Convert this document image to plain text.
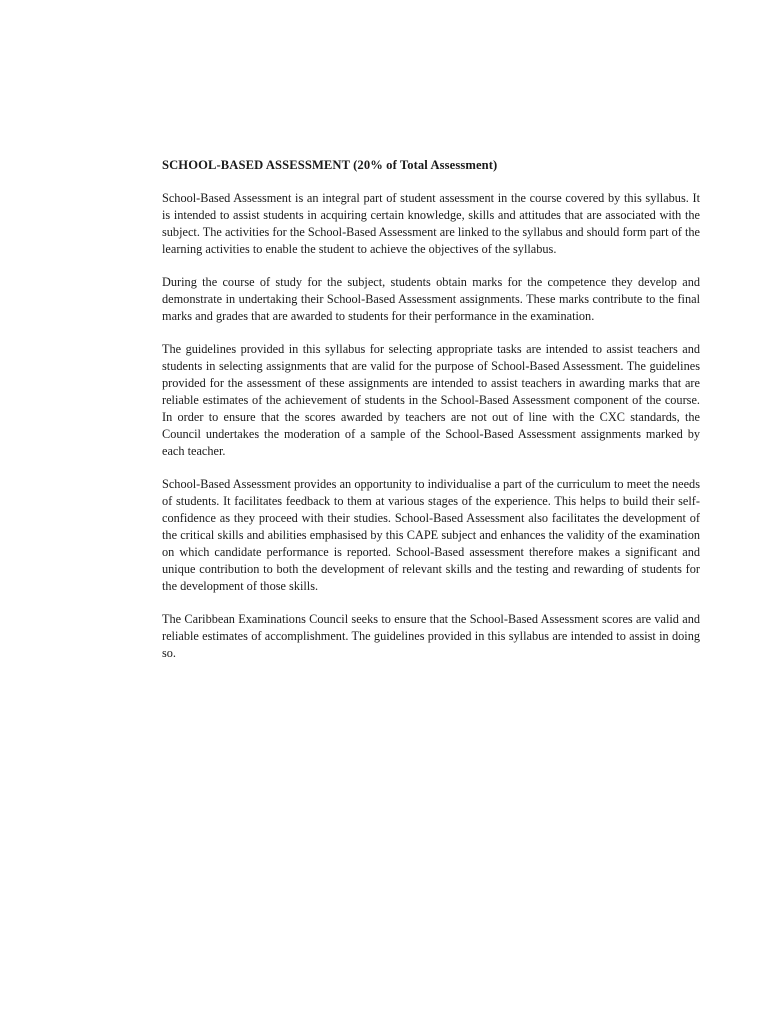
SCHOOL-BASED ASSESSMENT (20% of Total Assessment)

School-Based Assessment is an integral part of student assessment in the course covered by this syllabus. It is intended to assist students in acquiring certain knowledge, skills and attitudes that are associated with the subject. The activities for the School-Based Assessment are linked to the syllabus and should form part of the learning activities to enable the student to achieve the objectives of the syllabus.

During the course of study for the subject, students obtain marks for the competence they develop and demonstrate in undertaking their School-Based Assessment assignments. These marks contribute to the final marks and grades that are awarded to students for their performance in the examination.

The guidelines provided in this syllabus for selecting appropriate tasks are intended to assist teachers and students in selecting assignments that are valid for the purpose of School-Based Assessment. The guidelines provided for the assessment of these assignments are intended to assist teachers in awarding marks that are reliable estimates of the achievement of students in the School-Based Assessment component of the course. In order to ensure that the scores awarded by teachers are not out of line with the CXC standards, the Council undertakes the moderation of a sample of the School-Based Assessment assignments marked by each teacher.

School-Based Assessment provides an opportunity to individualise a part of the curriculum to meet the needs of students. It facilitates feedback to them at various stages of the experience. This helps to build their self-confidence as they proceed with their studies. School-Based Assessment also facilitates the development of the critical skills and abilities emphasised by this CAPE subject and enhances the validity of the examination on which candidate performance is reported. School-Based assessment therefore makes a significant and unique contribution to both the development of relevant skills and the testing and rewarding of students for the development of those skills.

The Caribbean Examinations Council seeks to ensure that the School-Based Assessment scores are valid and reliable estimates of accomplishment. The guidelines provided in this syllabus are intended to assist in doing so.
